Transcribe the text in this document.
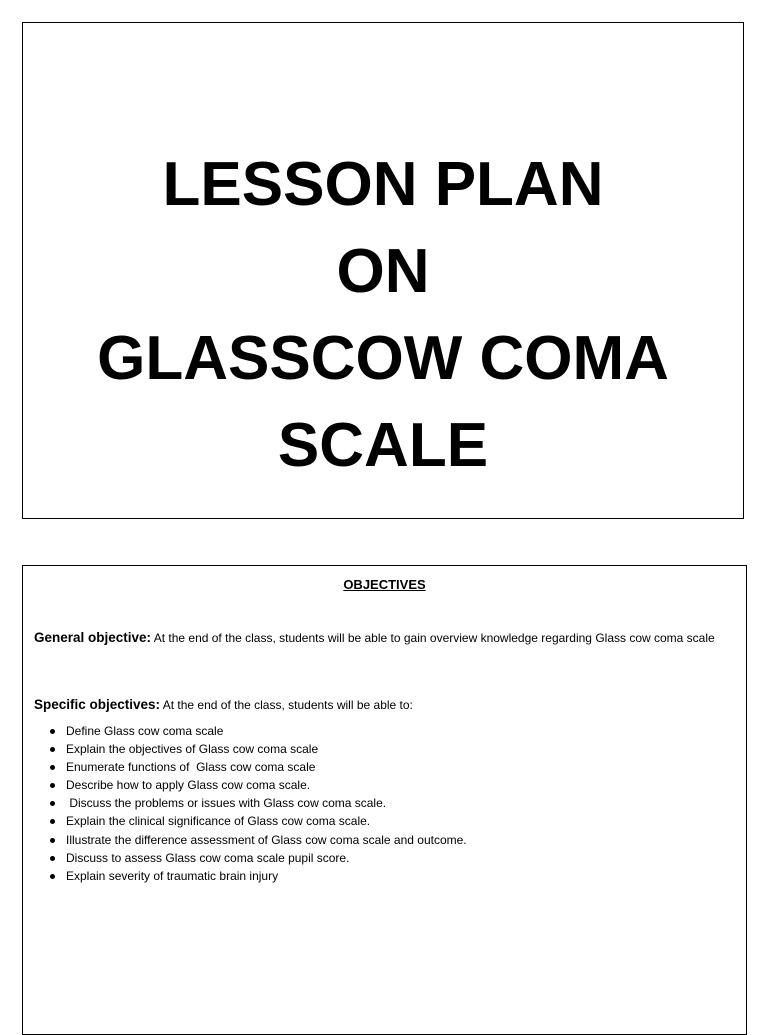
LESSON PLAN
ON
GLASSCOW COMA
SCALE
OBJECTIVES
General objective: At the end of the class, students will be able to gain overview knowledge regarding Glass cow coma scale
Specific objectives: At the end of the class, students will be able to:
Define Glass cow coma scale
Explain the objectives of Glass cow coma scale
Enumerate functions of  Glass cow coma scale
Describe how to apply Glass cow coma scale.
Discuss the problems or issues with Glass cow coma scale.
Explain the clinical significance of Glass cow coma scale.
Illustrate the difference assessment of Glass cow coma scale and outcome.
Discuss to assess Glass cow coma scale pupil score.
Explain severity of traumatic brain injury
